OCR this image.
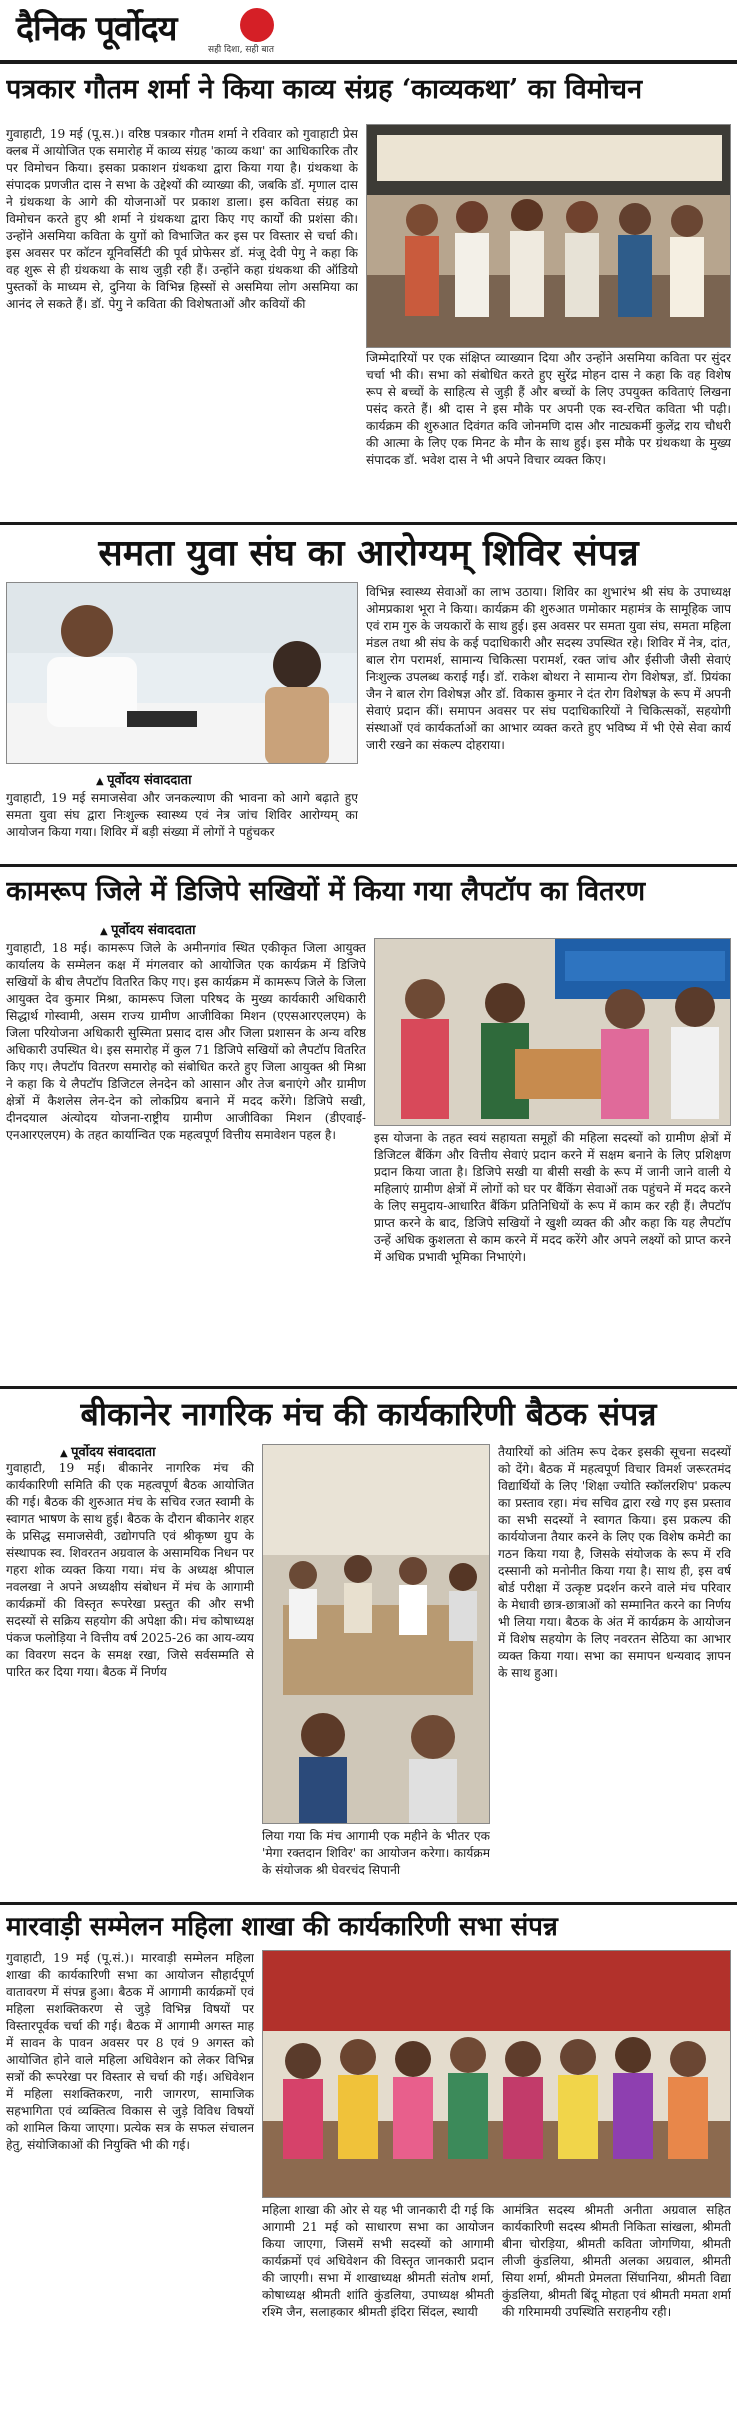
दैनिक पूर्वोदय
सही दिशा, सही बात
पत्रकार गौतम शर्मा ने किया काव्य संग्रह ‘काव्यकथा’ का विमोचन

गुवाहाटी, 19 मई (पू.स.)। वरिष्ठ पत्रकार गौतम शर्मा ने रविवार को गुवाहाटी प्रेस क्लब में आयोजित एक समारोह में काव्य संग्रह 'काव्य कथा' का आधिकारिक तौर पर विमोचन किया। इसका प्रकाशन ग्रंथकथा द्वारा किया गया है। ग्रंथकथा के संपादक प्रणजीत दास ने सभा के उद्देश्यों की व्याख्या की, जबकि डॉ. मृणाल दास ने ग्रंथकथा के आगे की योजनाओं पर प्रकाश डाला। इस कविता संग्रह का विमोचन करते हुए श्री शर्मा ने ग्रंथकथा द्वारा किए गए कार्यों की प्रशंसा की। उन्होंने असमिया कविता के युगों को विभाजित कर इस पर विस्तार से चर्चा की। इस अवसर पर कॉटन यूनिवर्सिटी की पूर्व प्रोफेसर डॉ. मंजू देवी पेगु ने कहा कि वह शुरू से ही ग्रंथकथा के साथ जुड़ी रही हैं। उन्होंने कहा ग्रंथकथा की ऑडियो पुस्तकों के माध्यम से, दुनिया के विभिन्न हिस्सों से असमिया लोग असमिया का आनंद ले सकते हैं। डॉ. पेगु ने कविता की विशेषताओं और कवियों की

जिम्मेदारियों पर एक संक्षिप्त व्याख्यान दिया और उन्होंने असमिया कविता पर सुंदर चर्चा भी की। सभा को संबोधित करते हुए सुरेंद्र मोहन दास ने कहा कि वह विशेष रूप से बच्चों के साहित्य से जुड़ी हैं और बच्चों के लिए उपयुक्त कविताएं लिखना पसंद करते हैं। श्री दास ने इस मौके पर अपनी एक स्व-रचित कविता भी पढ़ी। कार्यक्रम की शुरुआत दिवंगत कवि जोनमणि दास और नाट्यकर्मी कुलेंद्र राय चौधरी की आत्मा के लिए एक मिनट के मौन के साथ हुई। इस मौके पर ग्रंथकथा के मुख्य संपादक डॉ. भवेश दास ने भी अपने विचार व्यक्त किए।

समता युवा संघ का आरोग्यम् शिविर संपन्न
▲ पूर्वोदय संवाददाता

गुवाहाटी, 19 मई समाजसेवा और जनकल्याण की भावना को आगे बढ़ाते हुए समता युवा संघ द्वारा निःशुल्क स्वास्थ्य एवं नेत्र जांच शिविर आरोग्यम् का आयोजन किया गया। शिविर में बड़ी संख्या में लोगों ने पहुंचकर

विभिन्न स्वास्थ्य सेवाओं का लाभ उठाया। शिविर का शुभारंभ श्री संघ के उपाध्यक्ष ओमप्रकाश भूरा ने किया। कार्यक्रम की शुरुआत णमोकार महामंत्र के सामूहिक जाप एवं राम गुरु के जयकारों के साथ हुई। इस अवसर पर समता युवा संघ, समता महिला मंडल तथा श्री संघ के कई पदाधिकारी और सदस्य उपस्थित रहे। शिविर में नेत्र, दांत, बाल रोग परामर्श, सामान्य चिकित्सा परामर्श, रक्त जांच और ईसीजी जैसी सेवाएं निःशुल्क उपलब्ध कराई गईं। डॉ. राकेश बोथरा ने सामान्य रोग विशेषज्ञ, डॉ. प्रियंका जैन ने बाल रोग विशेषज्ञ और डॉ. विकास कुमार ने दंत रोग विशेषज्ञ के रूप में अपनी सेवाएं प्रदान कीं। समापन अवसर पर संघ पदाधिकारियों ने चिकित्सकों, सहयोगी संस्थाओं एवं कार्यकर्ताओं का आभार व्यक्त करते हुए भविष्य में भी ऐसे सेवा कार्य जारी रखने का संकल्प दोहराया।

कामरूप जिले में डिजिपे सखियों में किया गया लैपटॉप का वितरण
▲ पूर्वोदय संवाददाता

गुवाहाटी, 18 मई। कामरूप जिले के अमीनगांव स्थित एकीकृत जिला आयुक्त कार्यालय के सम्मेलन कक्ष में मंगलवार को आयोजित एक कार्यक्रम में डिजिपे सखियों के बीच लैपटॉप वितरित किए गए। इस कार्यक्रम में कामरूप जिले के जिला आयुक्त देव कुमार मिश्रा, कामरूप जिला परिषद के मुख्य कार्यकारी अधिकारी सिद्धार्थ गोस्वामी, असम राज्य ग्रामीण आजीविका मिशन (एएसआरएलएम) के जिला परियोजना अधिकारी सुस्मिता प्रसाद दास और जिला प्रशासन के अन्य वरिष्ठ अधिकारी उपस्थित थे। इस समारोह में कुल 71 डिजिपे सखियों को लैपटॉप वितरित किए गए। लैपटॉप वितरण समारोह को संबोधित करते हुए जिला आयुक्त श्री मिश्रा ने कहा कि ये लैपटॉप डिजिटल लेनदेन को आसान और तेज बनाएंगे और ग्रामीण क्षेत्रों में कैशलेस लेन-देन को लोकप्रिय बनाने में मदद करेंगे। डिजिपे सखी, दीनदयाल अंत्योदय योजना-राष्ट्रीय ग्रामीण आजीविका मिशन (डीएवाई-एनआरएलएम) के तहत कार्यान्वित एक महत्वपूर्ण वित्तीय समावेशन पहल है।	इस योजना के तहत स्वयं सहायता समूहों की महिला सदस्यों को ग्रामीण क्षेत्रों में डिजिटल बैंकिंग और वित्तीय सेवाएं प्रदान करने में सक्षम बनाने के लिए प्रशिक्षण प्रदान किया जाता है। डिजिपे सखी या बीसी सखी के रूप में जानी जाने वाली ये महिलाएं ग्रामीण क्षेत्रों में लोगों को घर पर बैंकिंग सेवाओं तक पहुंचने में मदद करने के लिए समुदाय-आधारित बैंकिंग प्रतिनिधियों के रूप में काम कर रही हैं। लैपटॉप प्राप्त करने के बाद, डिजिपे सखियों ने खुशी व्यक्त की और कहा कि यह लैपटॉप उन्हें अधिक कुशलता से काम करने में मदद करेंगे और अपने लक्ष्यों को प्राप्त करने में अधिक प्रभावी भूमिका निभाएंगे।

बीकानेर नागरिक मंच की कार्यकारिणी बैठक संपन्न
▲ पूर्वोदय संवाददाता

गुवाहाटी, 19 मई। बीकानेर नागरिक मंच की कार्यकारिणी समिति की एक महत्वपूर्ण बैठक आयोजित की गई। बैठक की शुरुआत मंच के सचिव रजत स्वामी के स्वागत भाषण के साथ हुई। बैठक के दौरान बीकानेर शहर के प्रसिद्ध समाजसेवी, उद्योगपति एवं श्रीकृष्ण ग्रुप के संस्थापक स्व. शिवरतन अग्रवाल के असामयिक निधन पर गहरा शोक व्यक्त किया गया। मंच के अध्यक्ष श्रीपाल नवलखा ने अपने अध्यक्षीय संबोधन में मंच के आगामी कार्यक्रमों की विस्तृत रूपरेखा प्रस्तुत की और सभी सदस्यों से सक्रिय सहयोग की अपेक्षा की। मंच कोषाध्यक्ष पंकज फलोड़िया ने वित्तीय वर्ष 2025-26 का आय-व्यय का विवरण सदन के समक्ष रखा, जिसे सर्वसम्मति से पारित कर दिया गया। बैठक में निर्णय

लिया गया कि मंच आगामी एक महीने के भीतर एक 'मेगा रक्तदान शिविर' का आयोजन करेगा। कार्यक्रम के संयोजक श्री घेवरचंद सिपानी

तैयारियों को अंतिम रूप देकर इसकी सूचना सदस्यों को देंगे। बैठक में महत्वपूर्ण विचार विमर्श जरूरतमंद विद्यार्थियों के लिए 'शिक्षा ज्योति स्कॉलरशिप' प्रकल्प का प्रस्ताव रहा। मंच सचिव द्वारा रखे गए इस प्रस्ताव का सभी सदस्यों ने स्वागत किया। इस प्रकल्प की कार्ययोजना तैयार करने के लिए एक विशेष कमेटी का गठन किया गया है, जिसके संयोजक के रूप में रवि दस्सानी को मनोनीत किया गया है। साथ ही, इस वर्ष बोर्ड परीक्षा में उत्कृष्ट प्रदर्शन करने वाले मंच परिवार के मेधावी छात्र-छात्राओं को सम्मानित करने का निर्णय भी लिया गया। बैठक के अंत में कार्यक्रम के आयोजन में विशेष सहयोग के लिए नवरतन सेठिया का आभार व्यक्त किया गया। सभा का समापन धन्यवाद ज्ञापन के साथ हुआ।

मारवाड़ी सम्मेलन महिला शाखा की कार्यकारिणी सभा संपन्न

गुवाहाटी, 19 मई (पू.सं.)। मारवाड़ी सम्मेलन महिला शाखा की कार्यकारिणी सभा का आयोजन सौहार्दपूर्ण वातावरण में संपन्न हुआ। बैठक में आगामी कार्यक्रमों एवं महिला सशक्तिकरण से जुड़े विभिन्न विषयों पर विस्तारपूर्वक चर्चा की गई। बैठक में आगामी अगस्त माह में सावन के पावन अवसर पर 8 एवं 9 अगस्त को आयोजित होने वाले महिला अधिवेशन को लेकर विभिन्न सत्रों की रूपरेखा पर विस्तार से चर्चा की गई। अधिवेशन में महिला सशक्तिकरण, नारी जागरण, सामाजिक सहभागिता एवं व्यक्तित्व विकास से जुड़े विविध विषयों को शामिल किया जाएगा। प्रत्येक सत्र के सफल संचालन हेतु, संयोजिकाओं की नियुक्ति भी की गई।

महिला शाखा की ओर से यह भी जानकारी दी गई कि आगामी 21 मई को साधारण सभा का आयोजन किया जाएगा, जिसमें सभी सदस्यों को आगामी कार्यक्रमों एवं अधिवेशन की विस्तृत जानकारी प्रदान की जाएगी। सभा में शाखाध्यक्ष श्रीमती संतोष शर्मा, कोषाध्यक्ष श्रीमती शांति कुंडलिया, उपाध्यक्ष श्रीमती रश्मि जैन, सलाहकार श्रीमती इंदिरा सिंदल, स्थायी

आमंत्रित सदस्य श्रीमती अनीता अग्रवाल सहित कार्यकारिणी सदस्य श्रीमती निकिता सांखला, श्रीमती बीना चोरड़िया, श्रीमती कविता जोगणिया, श्रीमती लीजी कुंडलिया, श्रीमती अलका अग्रवाल, श्रीमती सिया शर्मा, श्रीमती प्रेमलता सिंघानिया, श्रीमती विद्या कुंडलिया, श्रीमती बिंदू मोहता एवं श्रीमती ममता शर्मा की गरिमामयी उपस्थिति सराहनीय रही।
